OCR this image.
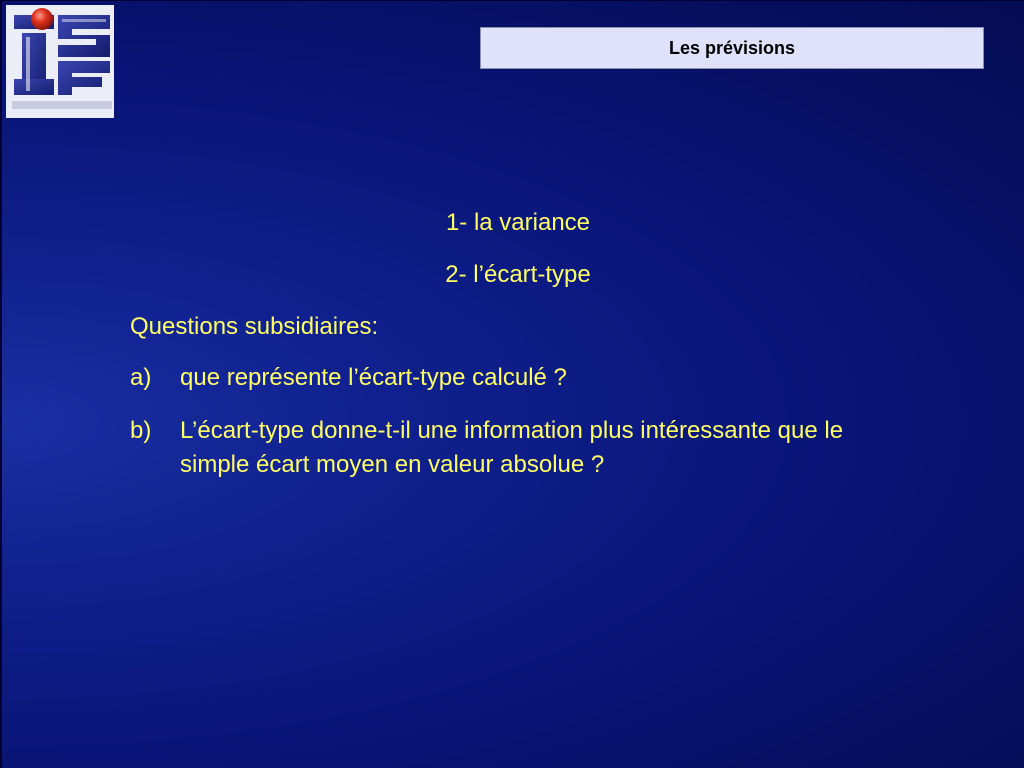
Les prévisions
1- la variance
2- l’écart-type
Questions subsidiaires:
a)	que représente l’écart-type calculé ?
b)	L’écart-type donne-t-il une information plus intéressante que le simple écart moyen en valeur absolue ?
